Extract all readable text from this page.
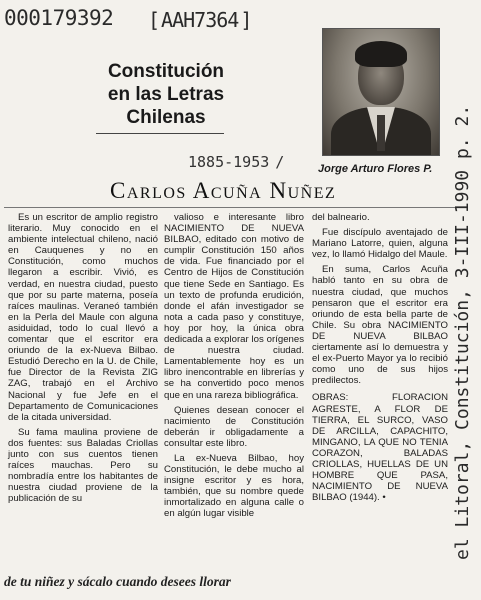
000179392
[	AAH7364 ]
Constitución
en las Letras
Chilenas
1885-1953 /	Jorge Arturo Flores P.
Carlos Acuña Nuñez

Es un escritor de amplio registro literario. Muy conocido en el ambiente intelectual chileno, nació en Cauquenes y no en Constitución, como muchos llegaron a escribir. Vivió, es verdad, en nuestra ciudad, puesto que por su parte materna, poseía raíces maulinas. Veraneó también en la Perla del Maule con alguna asiduidad, todo lo cual llevó a comentar que el escritor era oriundo de la ex-Nueva Bilbao. Estudió Derecho en la U. de Chile, fue Director de la Revista ZIG ZAG, trabajó en el Archivo Nacional y fue Jefe en el Departamento de Comunicaciones de la citada universidad.

Su fama maulina proviene de dos fuentes: sus Baladas Criollas junto con sus cuentos tienen raíces mauchas. Pero su nombradía entre los habitantes de nuestra ciudad proviene de la publicación de su

valioso e interesante libro NACIMIENTO DE NUEVA BILBAO, editado con motivo de cumplir Constitución 150 años de vida. Fue financiado por el Centro de Hijos de Constitución que tiene Sede en Santiago. Es un texto de profunda erudición, donde el afán investigador se nota a cada paso y constituye, hoy por hoy, la única obra dedicada a explorar los orígenes de nuestra ciudad. Lamentablemente hoy es un libro inencontrable en librerías y se ha convertido poco menos que en una rareza bibliográfica.

Quienes desean conocer el nacimiento de Constitución deberán ir obligadamente a consultar este libro.

La ex-Nueva Bilbao, hoy Constitución, le debe mucho al insigne escritor y es hora, también, que su nombre quede inmortalizado en alguna calle o en algún lugar visible

del balneario.

Fue discípulo aventajado de Mariano Latorre, quien, alguna vez, lo llamó Hidalgo del Maule.

En suma, Carlos Acuña habló tanto en su obra de nuestra ciudad, que muchos pensaron que el escritor era oriundo de esta bella parte de Chile. Su obra NACIMIENTO DE NUEVA BILBAO ciertamente así lo demuestra y el ex-Puerto Mayor ya lo recibió como uno de sus hijos predilectos.

OBRAS: FLORACION AGRESTE, A FLOR DE TIERRA, EL SURCO, VASO DE ARCILLA, CAPACHITO, MINGANO, LA QUE NO TENIA CORAZON, BALADAS CRIOLLAS, HUELLAS DE UN HOMBRE QUE PASA, NACIMIENTO DE NUEVA BILBAO (1944). •
de tu niñez y sácalo cuando desees llorar
el Litoral, Constitución, 3-III-1990 p. 2.
